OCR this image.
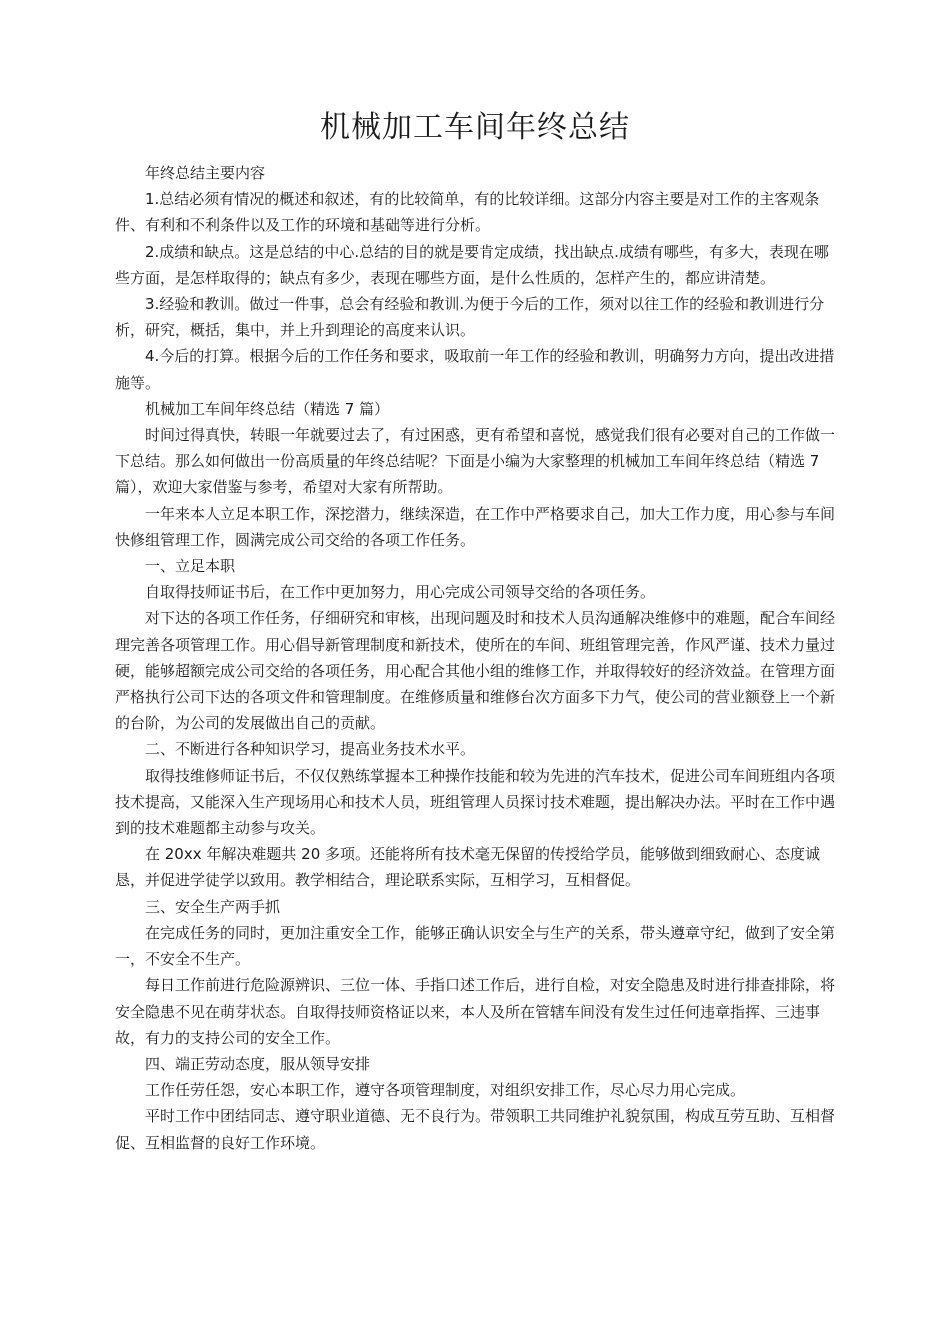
机械加工车间年终总结

年终总结主要内容

1.总结必须有情况的概述和叙述，有的比较简单，有的比较详细。这部分内容主要是对工作的主客观条件、有利和不利条件以及工作的环境和基础等进行分析。

2.成绩和缺点。这是总结的中心.总结的目的就是要肯定成绩，找出缺点.成绩有哪些，有多大，表现在哪些方面，是怎样取得的；缺点有多少，表现在哪些方面，是什么性质的，怎样产生的，都应讲清楚。

3.经验和教训。做过一件事，总会有经验和教训.为便于今后的工作，须对以往工作的经验和教训进行分析，研究，概括，集中，并上升到理论的高度来认识。

4.今后的打算。根据今后的工作任务和要求，吸取前一年工作的经验和教训，明确努力方向，提出改进措施等。

机械加工车间年终总结（精选 7 篇）

时间过得真快，转眼一年就要过去了，有过困惑，更有希望和喜悦，感觉我们很有必要对自己的工作做一下总结。那么如何做出一份高质量的年终总结呢？下面是小编为大家整理的机械加工车间年终总结（精选 7 篇），欢迎大家借鉴与参考，希望对大家有所帮助。

一年来本人立足本职工作，深挖潜力，继续深造，在工作中严格要求自己，加大工作力度，用心参与车间快修组管理工作，圆满完成公司交给的各项工作任务。

一、立足本职

自取得技师证书后，在工作中更加努力，用心完成公司领导交给的各项任务。

对下达的各项工作任务，仔细研究和审核，出现问题及时和技术人员沟通解决维修中的难题，配合车间经理完善各项管理工作。用心倡导新管理制度和新技术，使所在的车间、班组管理完善，作风严谨、技术力量过硬，能够超额完成公司交给的各项任务，用心配合其他小组的维修工作，并取得较好的经济效益。在管理方面严格执行公司下达的各项文件和管理制度。在维修质量和维修台次方面多下力气，使公司的营业额登上一个新的台阶，为公司的发展做出自己的贡献。

二、不断进行各种知识学习，提高业务技术水平。

取得技维修师证书后，不仅仅熟练掌握本工种操作技能和较为先进的汽车技术，促进公司车间班组内各项技术提高，又能深入生产现场用心和技术人员，班组管理人员探讨技术难题，提出解决办法。平时在工作中遇到的技术难题都主动参与攻关。

在 20xx 年解决难题共 20 多项。还能将所有技术毫无保留的传授给学员，能够做到细致耐心、态度诚恳，并促进学徒学以致用。教学相结合，理论联系实际，互相学习，互相督促。

三、安全生产两手抓

在完成任务的同时，更加注重安全工作，能够正确认识安全与生产的关系，带头遵章守纪，做到了安全第一，不安全不生产。

每日工作前进行危险源辨识、三位一体、手指口述工作后，进行自检，对安全隐患及时进行排查排除，将安全隐患不见在萌芽状态。自取得技师资格证以来，本人及所在管辖车间没有发生过任何违章指挥、三违事故，有力的支持公司的安全工作。

四、端正劳动态度，服从领导安排

工作任劳任怨，安心本职工作，遵守各项管理制度，对组织安排工作，尽心尽力用心完成。

平时工作中团结同志、遵守职业道德、无不良行为。带领职工共同维护礼貌氛围，构成互劳互助、互相督促、互相监督的良好工作环境。
